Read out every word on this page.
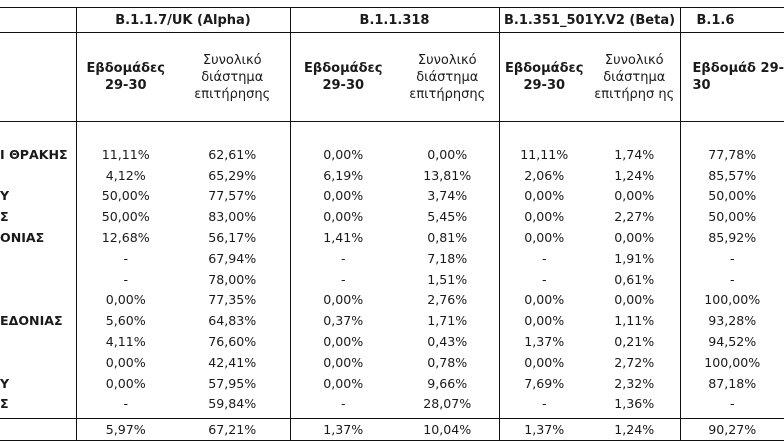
	B.1.1.7/UK (Alpha)		B.1.1.318		B.1.351_501Y.V2 (Beta)		B.1.6
	Εβδομάδες 29-30	Συνολικό διάστημα επιτήρησης	Εβδομάδες 29-30	Συνολικό διάστημα επιτήρησης	Εβδομάδες 29-30	Συνολικό διάστημα επιτήρησ ης	Εβδομάδ 29-30

Ι ΘΡΑΚΗΣ	11,11%	62,61%	0,00%	0,00%	11,11%	1,74%	77,78%
	4,12%	65,29%	6,19%	13,81%	2,06%	1,24%	85,57%
Υ	50,00%	77,57%	0,00%	3,74%	0,00%	0,00%	50,00%
Σ	50,00%	83,00%	0,00%	5,45%	0,00%	2,27%	50,00%
ΟΝΙΑΣ	12,68%	56,17%	1,41%	0,81%	0,00%	0,00%	85,92%
	-	67,94%	-	7,18%	-	1,91%	-
	-	78,00%	-	1,51%	-	0,61%	-
	0,00%	77,35%	0,00%	2,76%	0,00%	0,00%	100,00%
ΕΔΟΝΙΑΣ	5,60%	64,83%	0,37%	1,71%	0,00%	1,11%	93,28%
	4,11%	76,60%	0,00%	0,43%	1,37%	0,21%	94,52%
	0,00%	42,41%	0,00%	0,78%	0,00%	2,72%	100,00%
Υ	0,00%	57,95%	0,00%	9,66%	7,69%	2,32%	87,18%
Σ	-	59,84%	-	28,07%	-	1,36%	-

	5,97%	67,21%	1,37%	10,04%	1,37%	1,24%	90,27%
